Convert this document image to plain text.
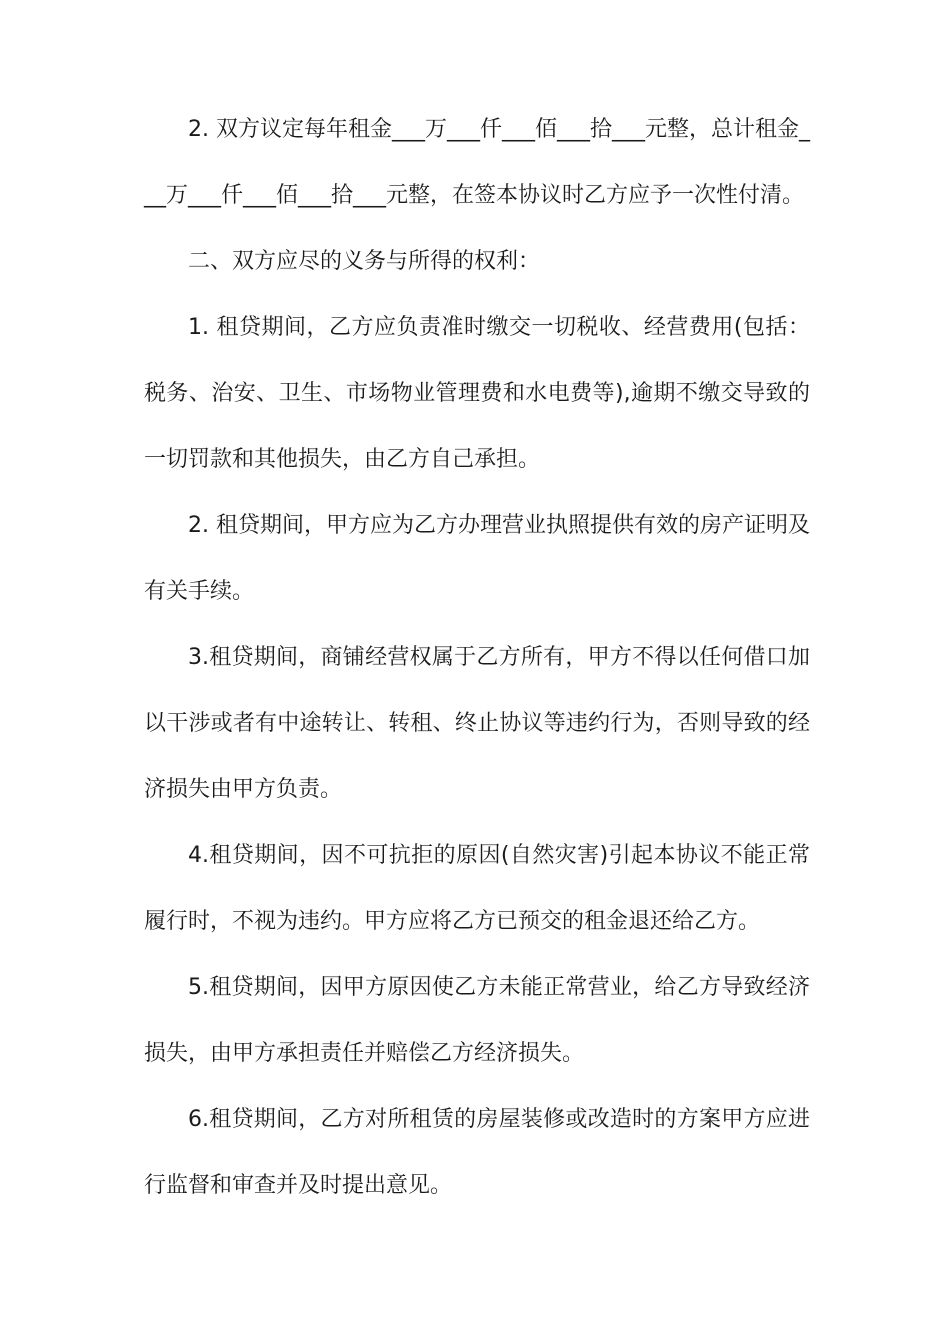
2. 双方议定每年租金___万___仟___佰___拾___元整，总计租金___万___仟___佰___拾___元整，在签本协议时乙方应予一次性付清。

二、双方应尽的义务与所得的权利：

1. 租贷期间，乙方应负责准时缴交一切税收、经营费用(包括：税务、治安、卫生、市场物业管理费和水电费等),逾期不缴交导致的一切罚款和其他损失，由乙方自己承担。

2. 租贷期间，甲方应为乙方办理营业执照提供有效的房产证明及有关手续。

3.租贷期间，商铺经营权属于乙方所有，甲方不得以任何借口加以干涉或者有中途转让、转租、终止协议等违约行为，否则导致的经济损失由甲方负责。

4.租贷期间，因不可抗拒的原因(自然灾害)引起本协议不能正常履行时，不视为违约。甲方应将乙方已预交的租金退还给乙方。

5.租贷期间，因甲方原因使乙方未能正常营业，给乙方导致经济损失，由甲方承担责任并赔偿乙方经济损失。

6.租贷期间，乙方对所租赁的房屋装修或改造时的方案甲方应进行监督和审查并及时提出意见。
